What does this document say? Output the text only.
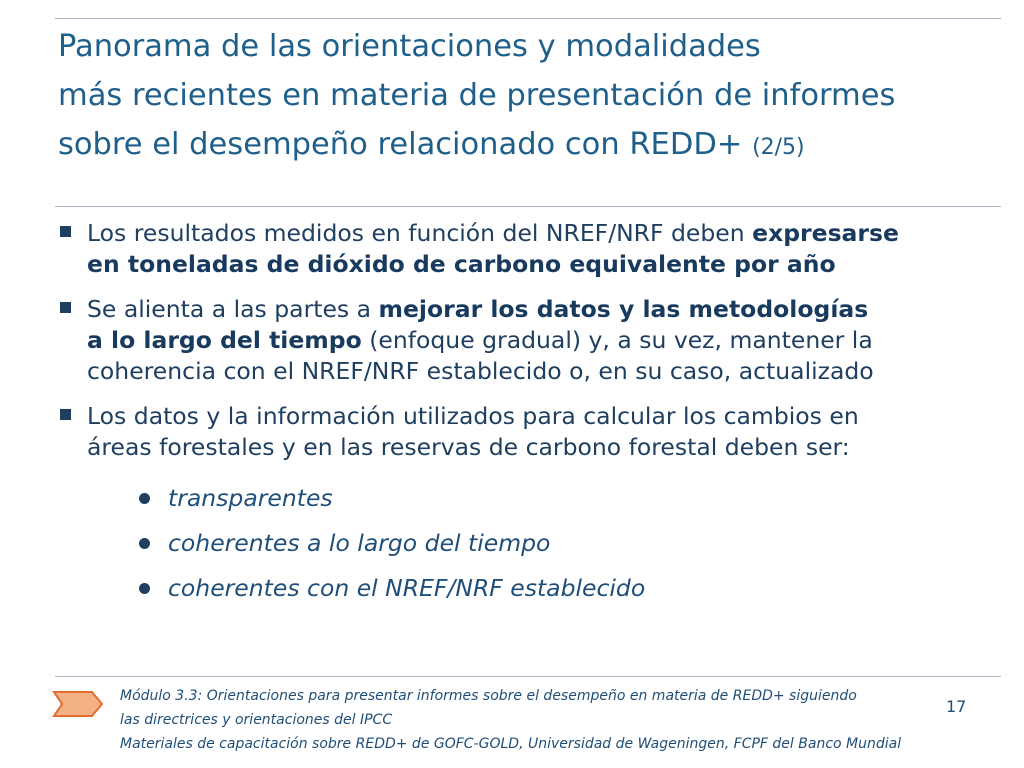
Panorama de las orientaciones y modalidades
más recientes en materia de presentación de informes
sobre el desempeño relacionado con REDD+ (2/5)
Los resultados medidos en función del NREF/NRF deben expresarse
en toneladas de dióxido de carbono equivalente por año
Se alienta a las partes a mejorar los datos y las metodologías
a lo largo del tiempo (enfoque gradual) y, a su vez, mantener la
coherencia con el NREF/NRF establecido o, en su caso, actualizado
Los datos y la información utilizados para calcular los cambios en
áreas forestales y en las reservas de carbono forestal deben ser:
transparentes
coherentes a lo largo del tiempo
coherentes con el NREF/NRF establecido
Módulo 3.3: Orientaciones para presentar informes sobre el desempeño en materia de REDD+ siguiendo
las directrices y orientaciones del IPCC
Materiales de capacitación sobre REDD+ de GOFC-GOLD, Universidad de Wageningen, FCPF del Banco Mundial
17
